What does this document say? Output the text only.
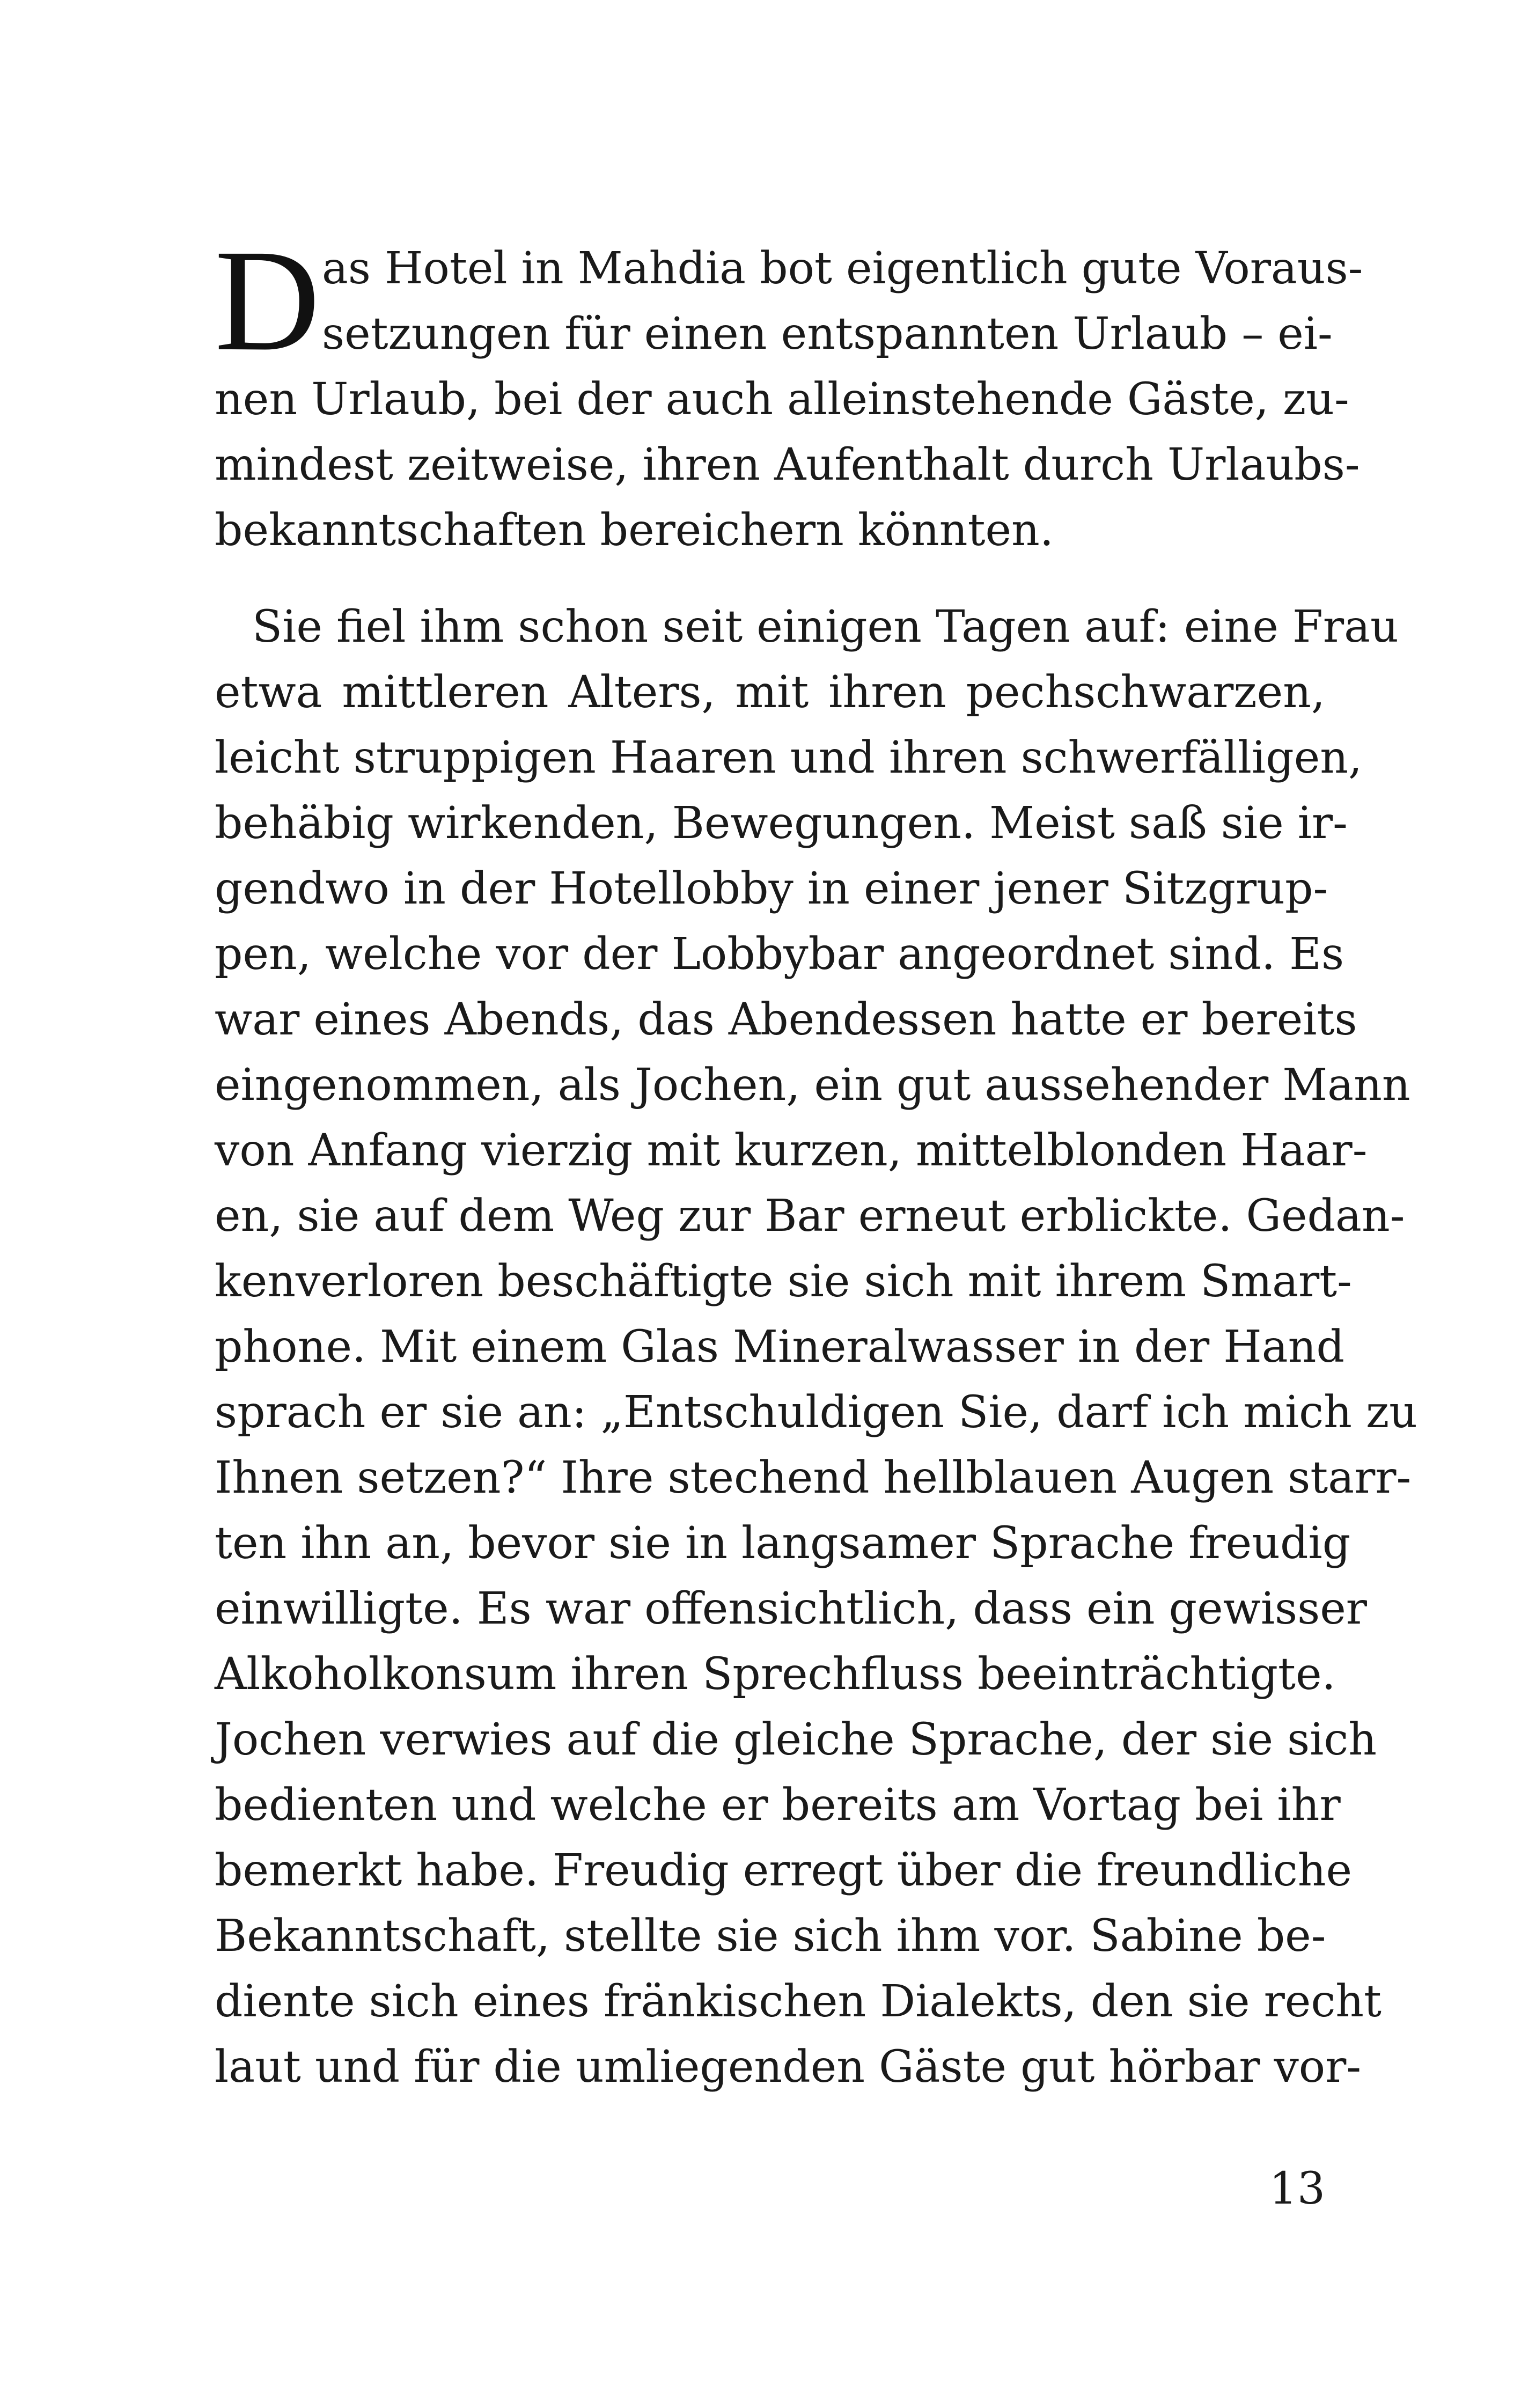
D as Hotel in Mahdia bot eigentlich gute Voraus-
setzungen für einen entspannten Urlaub – ei-
nen Urlaub, bei der auch alleinstehende Gäste, zu-
mindest zeitweise, ihren Aufenthalt durch Urlaubs-
bekanntschaften bereichern könnten.
Sie fiel ihm schon seit einigen Tagen auf: eine Frau
etwa mittleren Alters, mit ihren pechschwarzen,
leicht struppigen Haaren und ihren schwerfälligen,
behäbig wirkenden, Bewegungen. Meist saß sie ir-
gendwo in der Hotellobby in einer jener Sitzgrup-
pen, welche vor der Lobbybar angeordnet sind. Es
war eines Abends, das Abendessen hatte er bereits
eingenommen, als Jochen, ein gut aussehender Mann
von Anfang vierzig mit kurzen, mittelblonden Haar-
en, sie auf dem Weg zur Bar erneut erblickte. Gedan-
kenverloren beschäftigte sie sich mit ihrem Smart-
phone. Mit einem Glas Mineralwasser in der Hand
sprach er sie an: „Entschuldigen Sie, darf ich mich zu
Ihnen setzen?“ Ihre stechend hellblauen Augen starr-
ten ihn an, bevor sie in langsamer Sprache freudig
einwilligte. Es war offensichtlich, dass ein gewisser
Alkoholkonsum ihren Sprechfluss beeinträchtigte.
Jochen verwies auf die gleiche Sprache, der sie sich
bedienten und welche er bereits am Vortag bei ihr
bemerkt habe. Freudig erregt über die freundliche
Bekanntschaft, stellte sie sich ihm vor. Sabine be-
diente sich eines fränkischen Dialekts, den sie recht
laut und für die umliegenden Gäste gut hörbar vor-
13
